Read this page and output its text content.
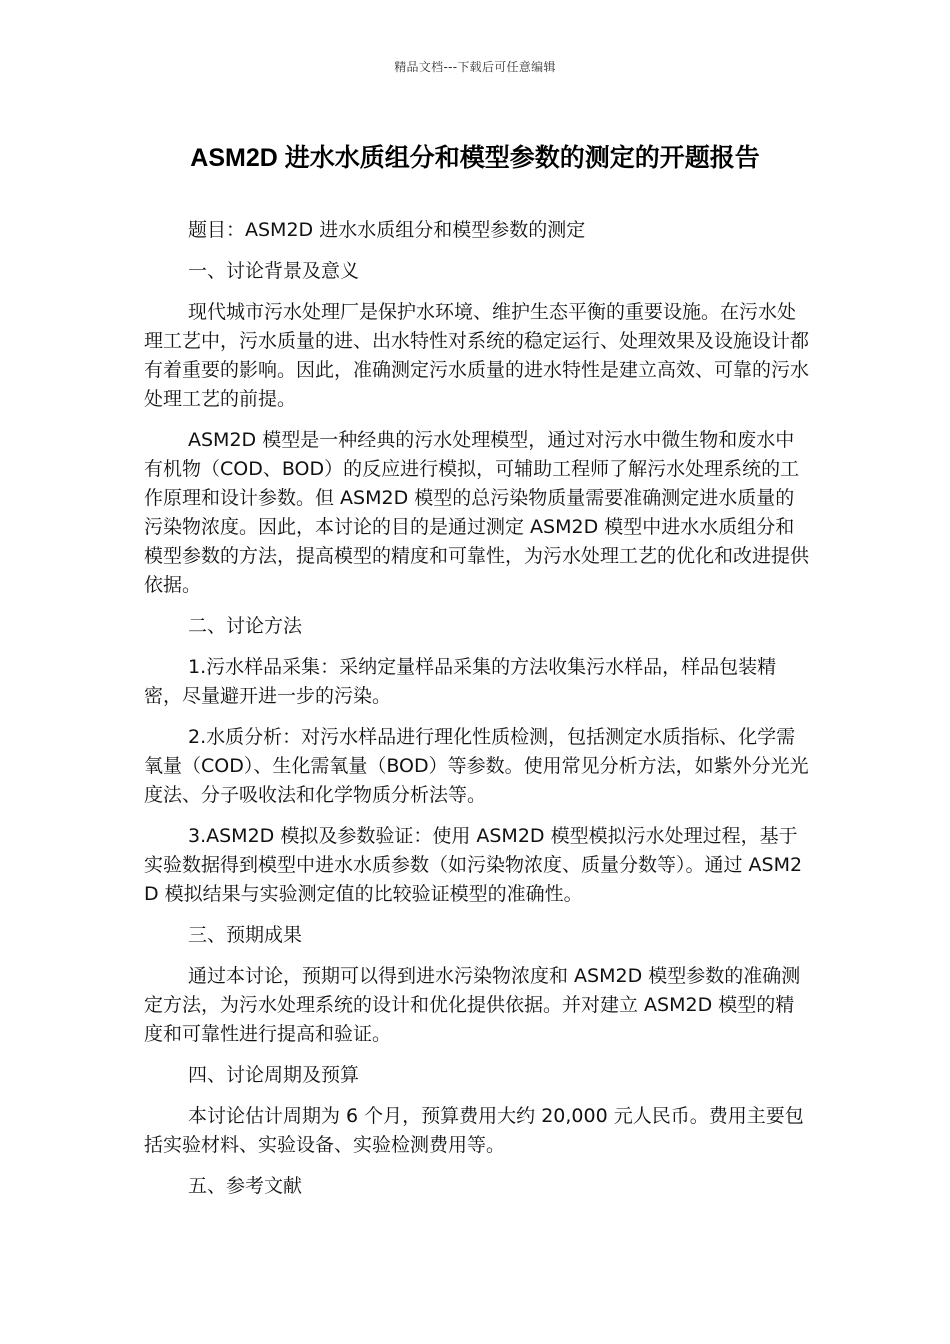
精品文档---下载后可任意编辑
ASM2D 进水水质组分和模型参数的测定的开题报告

题目：ASM2D 进水水质组分和模型参数的测定

一、讨论背景及意义

现代城市污水处理厂是保护水环境、维护生态平衡的重要设施。在污水处理工艺中，污水质量的进、出水特性对系统的稳定运行、处理效果及设施设计都有着重要的影响。因此，准确测定污水质量的进水特性是建立高效、可靠的污水处理工艺的前提。

ASM2D 模型是一种经典的污水处理模型，通过对污水中微生物和废水中有机物（COD、BOD）的反应进行模拟，可辅助工程师了解污水处理系统的工作原理和设计参数。但 ASM2D 模型的总污染物质量需要准确测定进水质量的污染物浓度。因此，本讨论的目的是通过测定 ASM2D 模型中进水水质组分和模型参数的方法，提高模型的精度和可靠性，为污水处理工艺的优化和改进提供依据。

二、讨论方法

1.污水样品采集：采纳定量样品采集的方法收集污水样品，样品包装精密，尽量避开进一步的污染。

2.水质分析：对污水样品进行理化性质检测，包括测定水质指标、化学需氧量（COD）、生化需氧量（BOD）等参数。使用常见分析方法，如紫外分光光度法、分子吸收法和化学物质分析法等。

3.ASM2D 模拟及参数验证：使用 ASM2D 模型模拟污水处理过程，基于实验数据得到模型中进水水质参数（如污染物浓度、质量分数等）。通过 ASM2D 模拟结果与实验测定值的比较验证模型的准确性。

三、预期成果

通过本讨论，预期可以得到进水污染物浓度和 ASM2D 模型参数的准确测定方法，为污水处理系统的设计和优化提供依据。并对建立 ASM2D 模型的精度和可靠性进行提高和验证。

四、讨论周期及预算

本讨论估计周期为 6 个月，预算费用大约 20,000 元人民币。费用主要包括实验材料、实验设备、实验检测费用等。

五、参考文献
